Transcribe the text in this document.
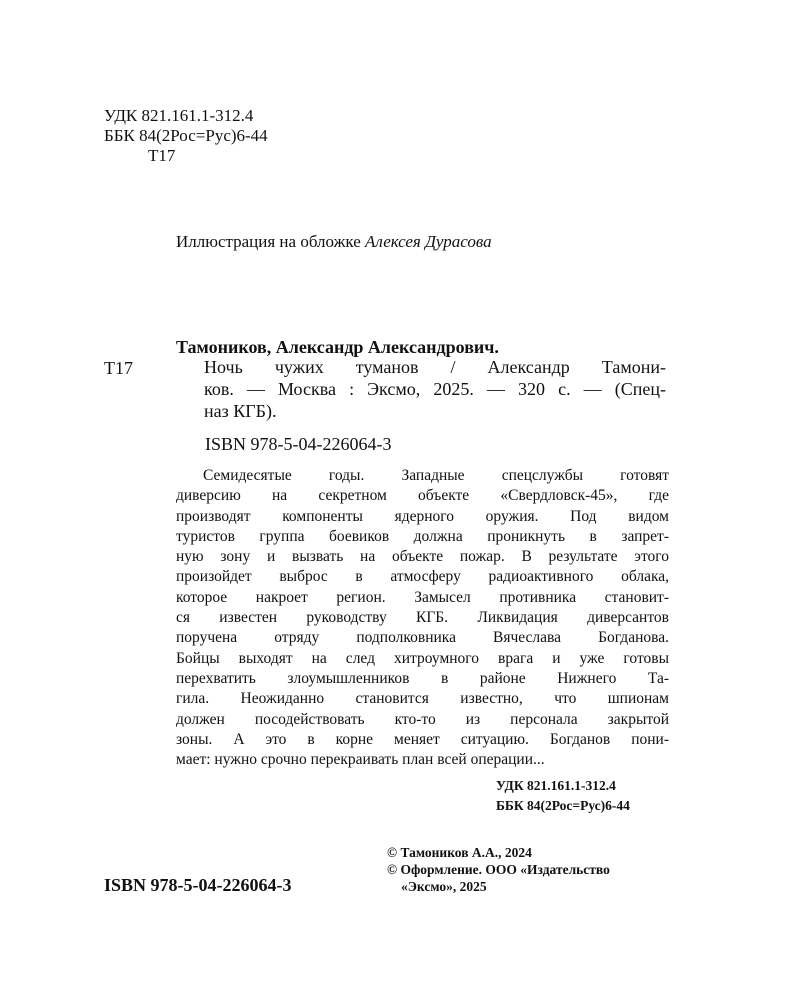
УДК 821.161.1-312.4
ББК 84(2Рос=Рус)6-44
Т17
Иллюстрация на обложке Алексея Дурасова
Тамоников, Александр Александрович.
Т17	Ночь чужих туманов / Александр Тамони-
ков. — Москва : Эксмо, 2025. — 320 с. — (Спец-
наз КГБ).
ISBN 978-5-04-226064-3
Семидесятые годы. Западные спецслужбы готовят
диверсию на секретном объекте «Свердловск-45», где
производят компоненты ядерного оружия. Под видом
туристов группа боевиков должна проникнуть в запрет-
ную зону и вызвать на объекте пожар. В результате этого
произойдет выброс в атмосферу радиоактивного облака,
которое накроет регион. Замысел противника становит-
ся известен руководству КГБ. Ликвидация диверсантов
поручена отряду подполковника Вячеслава Богданова.
Бойцы выходят на след хитроумного врага и уже готовы
перехватить злоумышленников в районе Нижнего Та-
гила. Неожиданно становится известно, что шпионам
должен посодействовать кто-то из персонала закрытой
зоны. А это в корне меняет ситуацию. Богданов пони-
мает: нужно срочно перекраивать план всей операции...
УДК 821.161.1-312.4
ББК 84(2Рос=Рус)6-44
© Тамоников А.А., 2024
© Оформление. ООО «Издательство
«Эксмо», 2025
ISBN 978-5-04-226064-3
